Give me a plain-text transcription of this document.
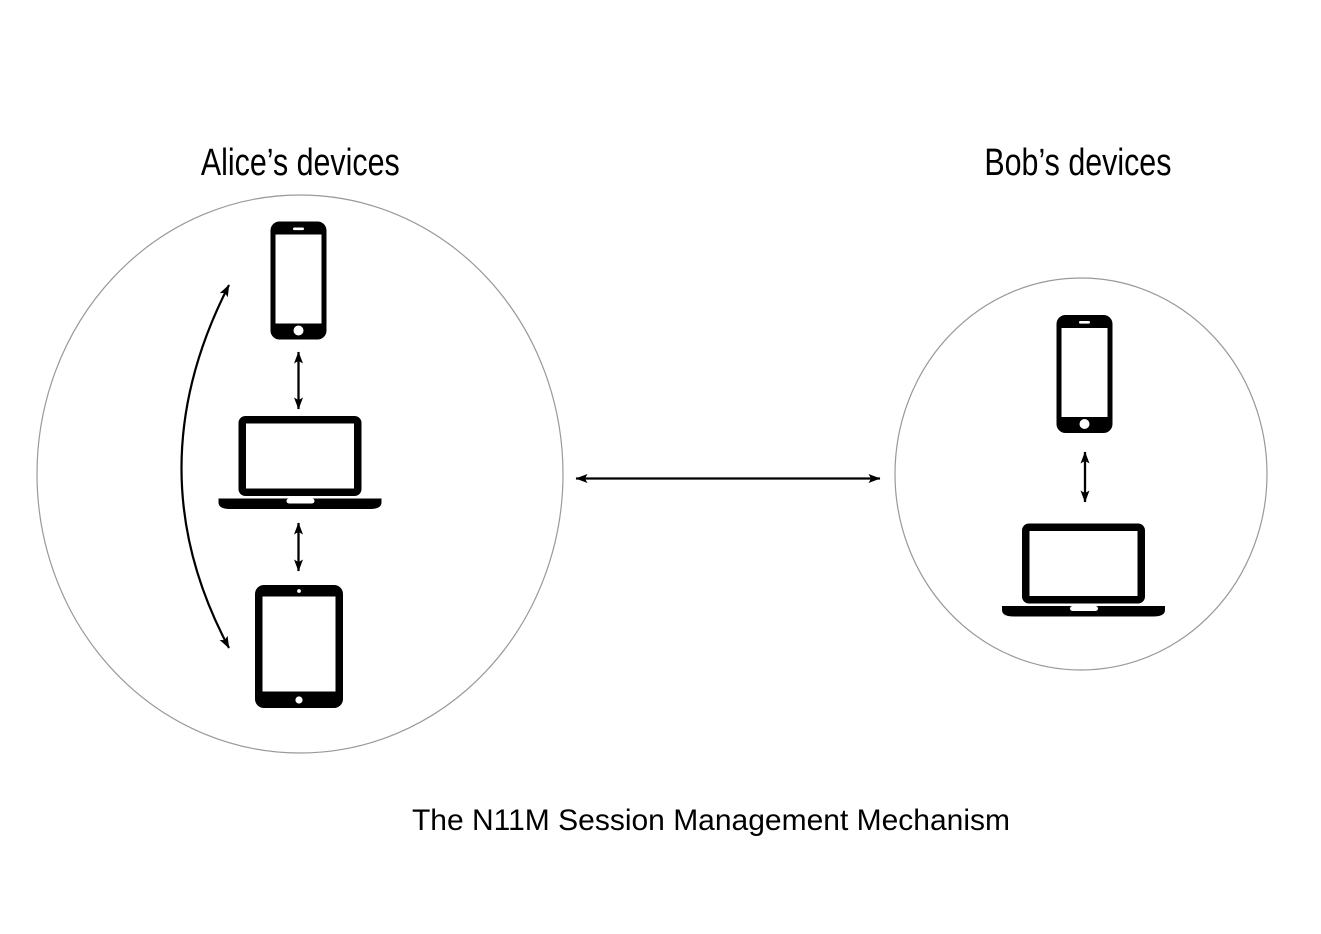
Alice’s devices	Bob’s devices
The N11M Session Management Mechanism
